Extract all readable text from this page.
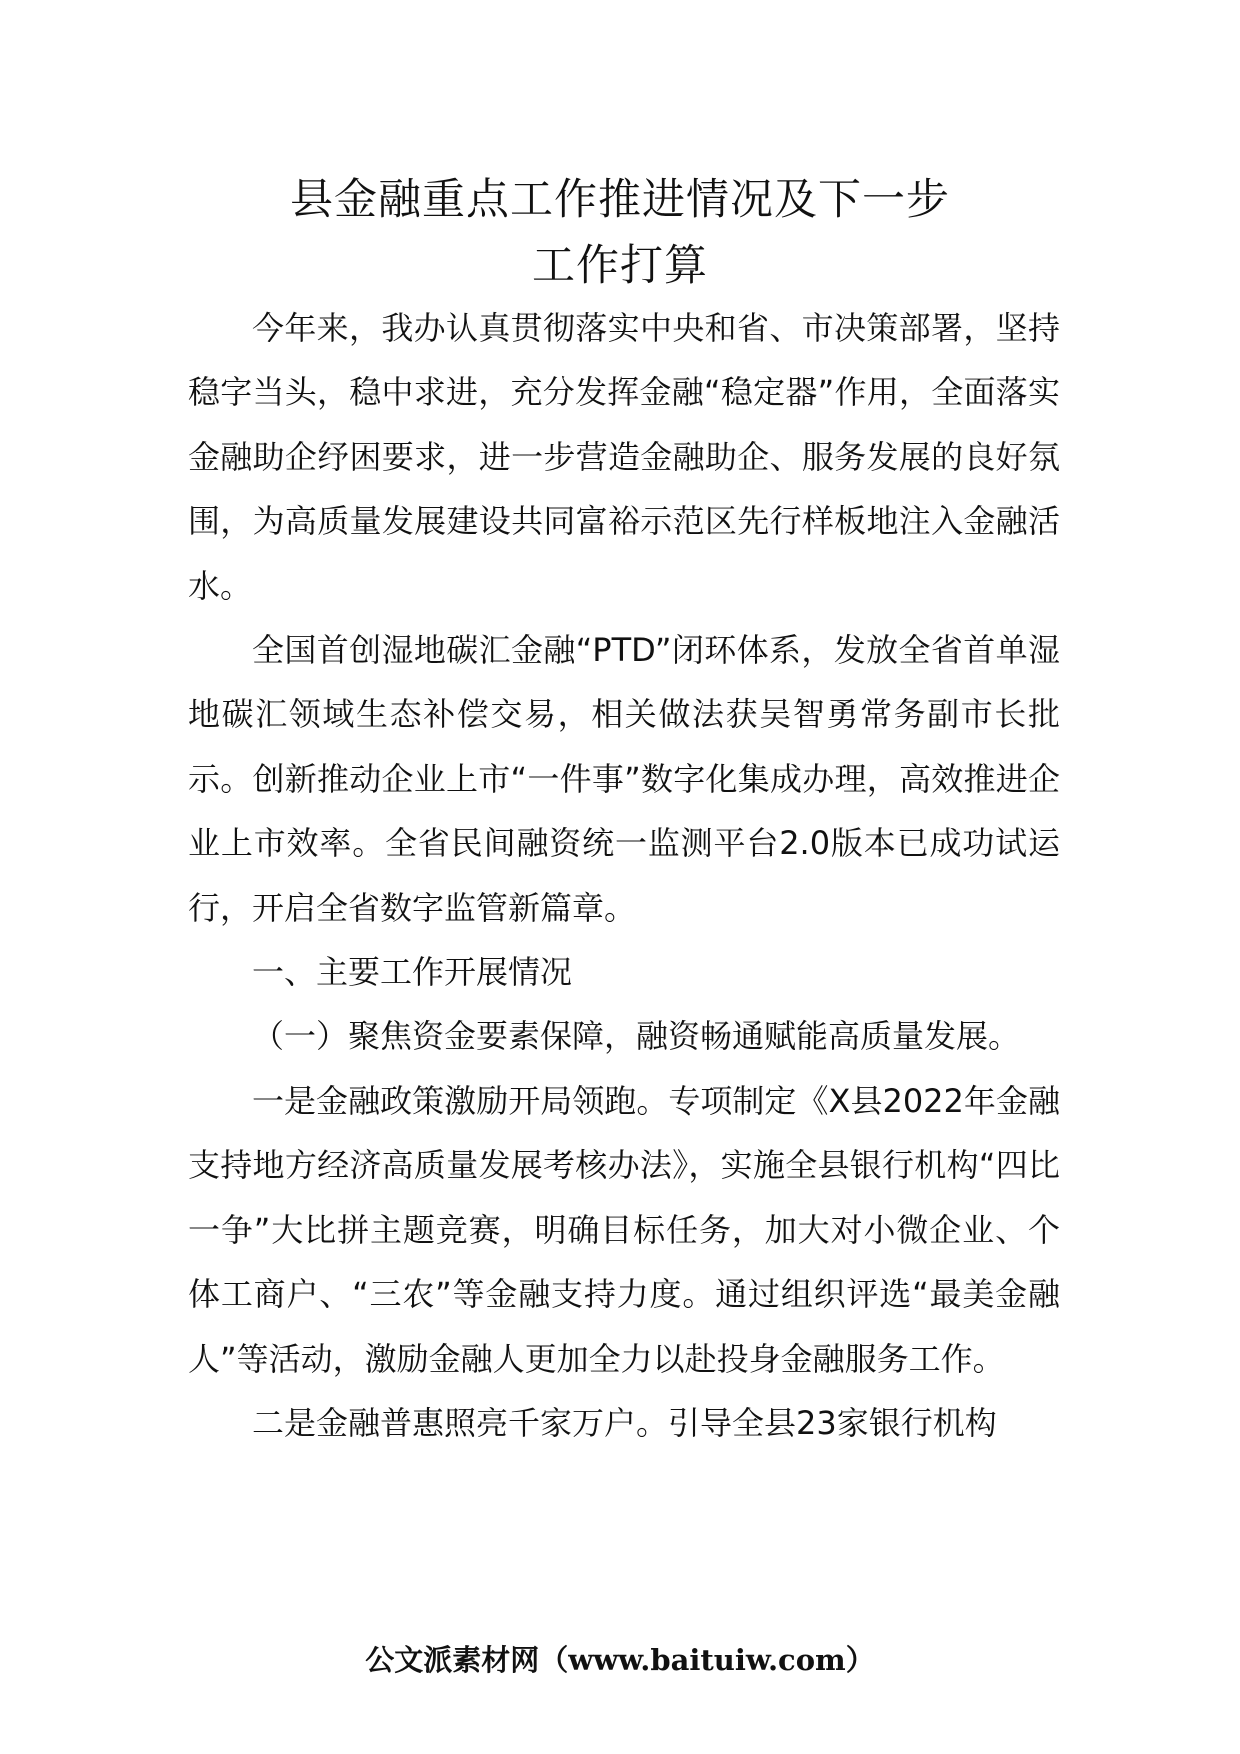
县金融重点工作推进情况及下一步
工作打算

今年来，我办认真贯彻落实中央和省、市决策部署，坚持稳字当头，稳中求进，充分发挥金融“稳定器”作用，全面落实金融助企纾困要求，进一步营造金融助企、服务发展的良好氛围，为高质量发展建设共同富裕示范区先行样板地注入金融活水。

全国首创湿地碳汇金融“PTD”闭环体系，发放全省首单湿地碳汇领域生态补偿交易，相关做法获吴智勇常务副市长批示。创新推动企业上市“一件事”数字化集成办理，高效推进企业上市效率。全省民间融资统一监测平台2.0版本已成功试运行，开启全省数字监管新篇章。

一、主要工作开展情况

（一）聚焦资金要素保障，融资畅通赋能高质量发展。

一是金融政策激励开局领跑。专项制定《X县2022年金融支持地方经济高质量发展考核办法》，实施全县银行机构“四比一争”大比拼主题竞赛，明确目标任务，加大对小微企业、个体工商户、“三农”等金融支持力度。通过组织评选“最美金融人”等活动，激励金融人更加全力以赴投身金融服务工作。

二是金融普惠照亮千家万户。引导全县23家银行机构

公文派素材网（www.baituiw.com）
